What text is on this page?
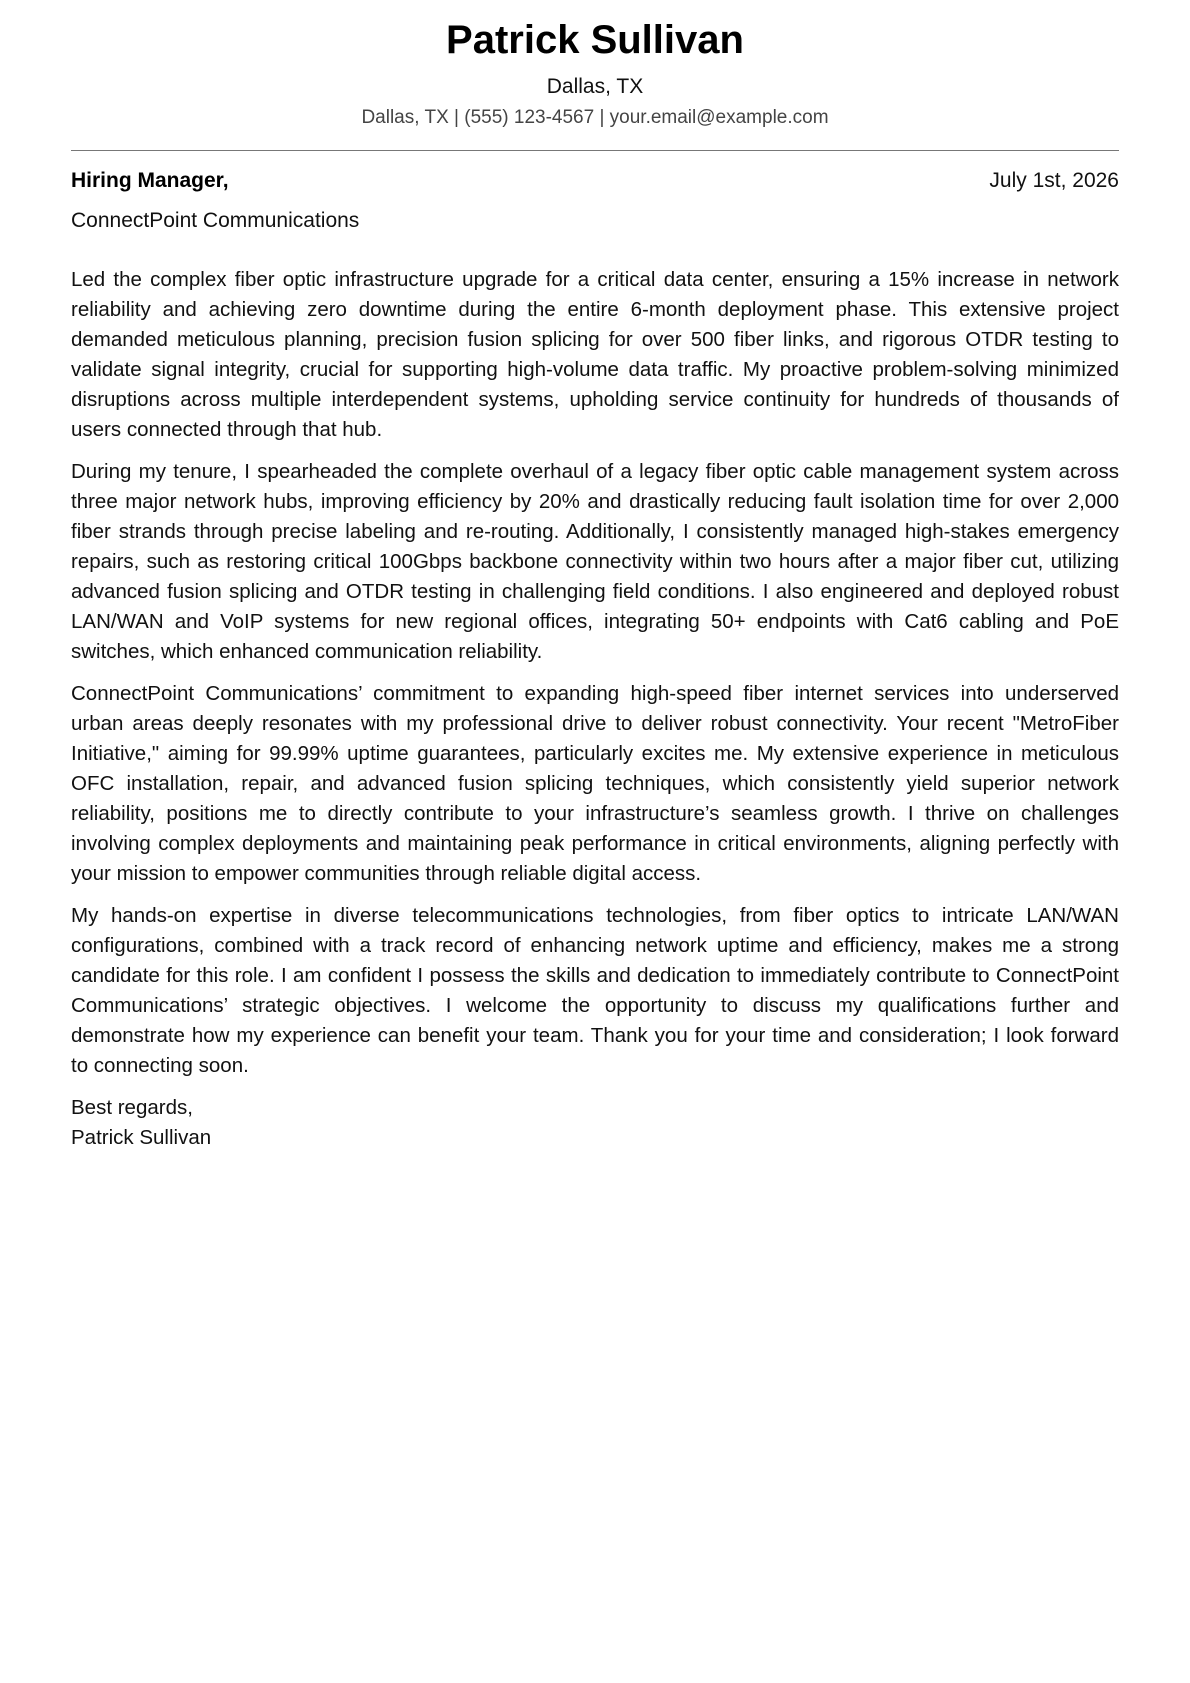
Patrick Sullivan
Dallas, TX
Dallas, TX | (555) 123-4567 | your.email@example.com
Hiring Manager,	July 1st, 2026
ConnectPoint Communications

Led the complex fiber optic infrastructure upgrade for a critical data center, ensuring a 15% increase in network reliability and achieving zero downtime during the entire 6-month deployment phase. This extensive project demanded meticulous planning, precision fusion splicing for over 500 fiber links, and rigorous OTDR testing to validate signal integrity, crucial for supporting high-volume data traffic. My proactive problem-solving minimized disruptions across multiple interdependent systems, upholding service continuity for hundreds of thousands of users connected through that hub.

During my tenure, I spearheaded the complete overhaul of a legacy fiber optic cable management system across three major network hubs, improving efficiency by 20% and drastically reducing fault isolation time for over 2,000 fiber strands through precise labeling and re-routing. Additionally, I consistently managed high-stakes emergency repairs, such as restoring critical 100Gbps backbone connectivity within two hours after a major fiber cut, utilizing advanced fusion splicing and OTDR testing in challenging field conditions. I also engineered and deployed robust LAN/WAN and VoIP systems for new regional offices, integrating 50+ endpoints with Cat6 cabling and PoE switches, which enhanced communication reliability.

ConnectPoint Communications’ commitment to expanding high-speed fiber internet services into underserved urban areas deeply resonates with my professional drive to deliver robust connectivity. Your recent "MetroFiber Initiative," aiming for 99.99% uptime guarantees, particularly excites me. My extensive experience in meticulous OFC installation, repair, and advanced fusion splicing techniques, which consistently yield superior network reliability, positions me to directly contribute to your infrastructure’s seamless growth. I thrive on challenges involving complex deployments and maintaining peak performance in critical environments, aligning perfectly with your mission to empower communities through reliable digital access.

My hands-on expertise in diverse telecommunications technologies, from fiber optics to intricate LAN/WAN configurations, combined with a track record of enhancing network uptime and efficiency, makes me a strong candidate for this role. I am confident I possess the skills and dedication to immediately contribute to ConnectPoint Communications’ strategic objectives. I welcome the opportunity to discuss my qualifications further and demonstrate how my experience can benefit your team. Thank you for your time and consideration; I look forward to connecting soon.

Best regards,
Patrick Sullivan
